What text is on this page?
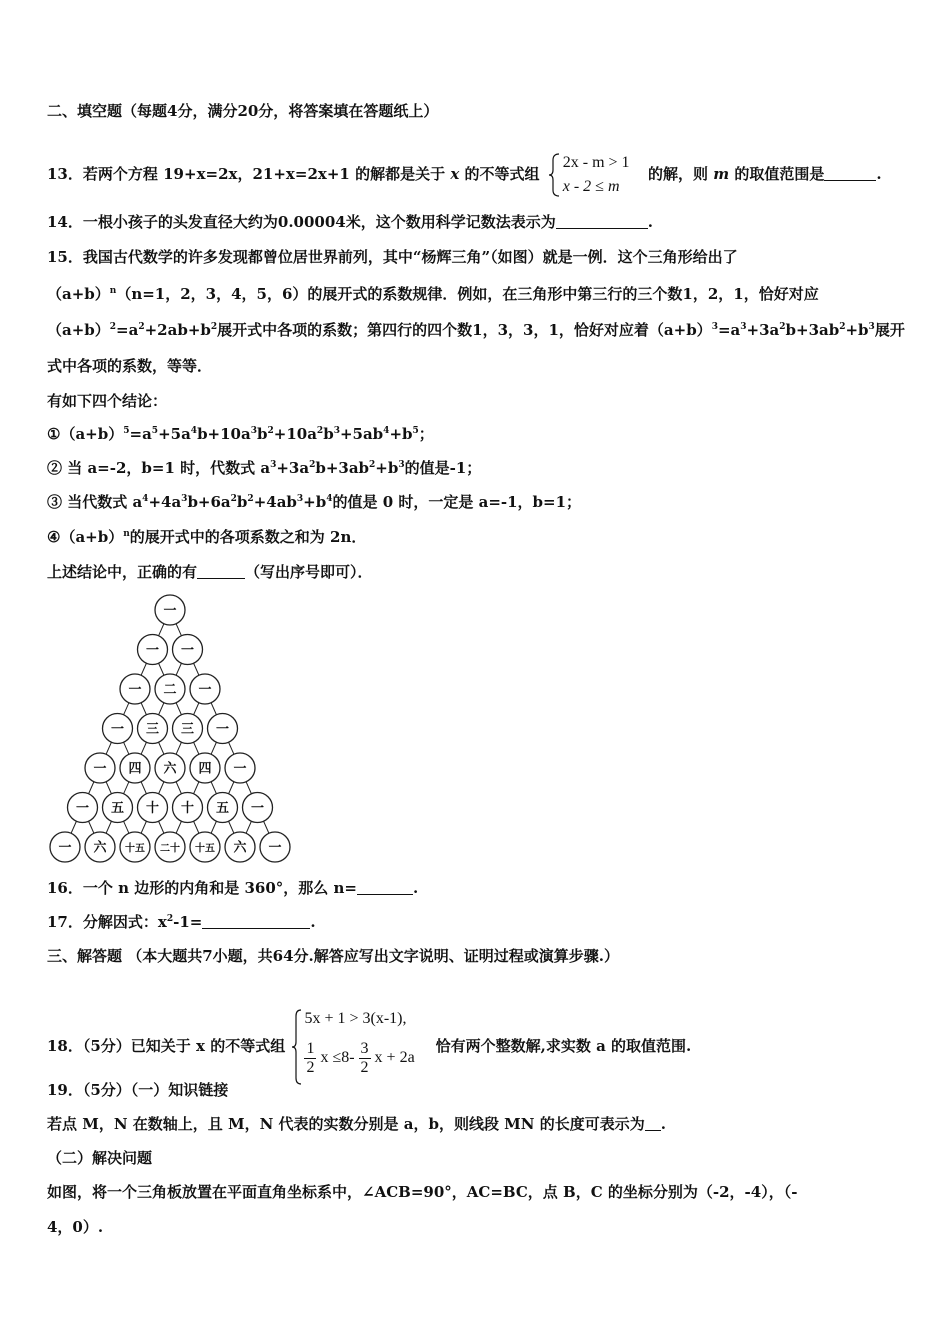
二、填空题（每题4分，满分20分，将答案填在答题纸上）
13．若两个方程 19+x=2x，21+x=2x+1 的解都是关于 x 的不等式组
2x - m > 1
x - 2 ≤ m
的解，则 m 的取值范围是	.
14．一根小孩子的头发直径大约为0.00004米，这个数用科学记数法表示为	.
15．我国古代数学的许多发现都曾位居世界前列，其中“杨辉三角”（如图）就是一例．这个三角形给出了
$(a+b)^n(n=1$，2，3，4，5，6）的展开式的系数规律．例如，在三角形中第三行的三个数1，2，1，恰好对应
$(a+b)^2=a^2+2ab+b^2$展开式中各项的系数；第四行的四个数1，3，3，1，恰好对应着$(a+b)^3=a^3+3a^2b+3ab^2+b^3$展开
式中各项的系数，等等．
有如下四个结论：
$①(a+b)^5=a^5+5a^4b+10a^3b^2+10a^2b^3+5ab^4+b^5$；
② 当 a=-2，b=1 时，代数式 $a^3+3a^2b+3ab^2+b^3$的值是-1；
③ 当代数式 $a^4+4a^3b+6a^2b^2+4ab^3+b^4$的值是 0 时，一定是 a=-1，b=1；
$④(a+b)^n$的展开式中的各项系数之和为 2n．
上述结论中，正确的有	（写出序号即可）．
一
一 一
一 二 一
一 三 三 一
一 四 六 四 一
一 五 十 十 五 一
一 六 十五 二十 十五 六 一
16．一个 n 边形的内角和是 360°，那么 n=	.
17．分解因式：$x^2-1=$	.
三、解答题 （本大题共7小题，共64分.解答应写出文字说明、证明过程或演算步骤.）
18．（5分）已知关于 x 的不等式组
5x + 1 > 3(x-1),
$\frac{1}{2}$ $x \le 8- \frac{3}{2}$ x + 2a
恰有两个整数解,求实数 a 的取值范围.
19．（5分）（一）知识链接
若点 M，N 在数轴上，且 M，N 代表的实数分别是 a，b，则线段 MN 的长度可表示为 .
（二）解决问题
如图，将一个三角板放置在平面直角坐标系中，∠ACB=90°，AC=BC，点 B，C 的坐标分别为（-2，-4），（-
4，0）.
